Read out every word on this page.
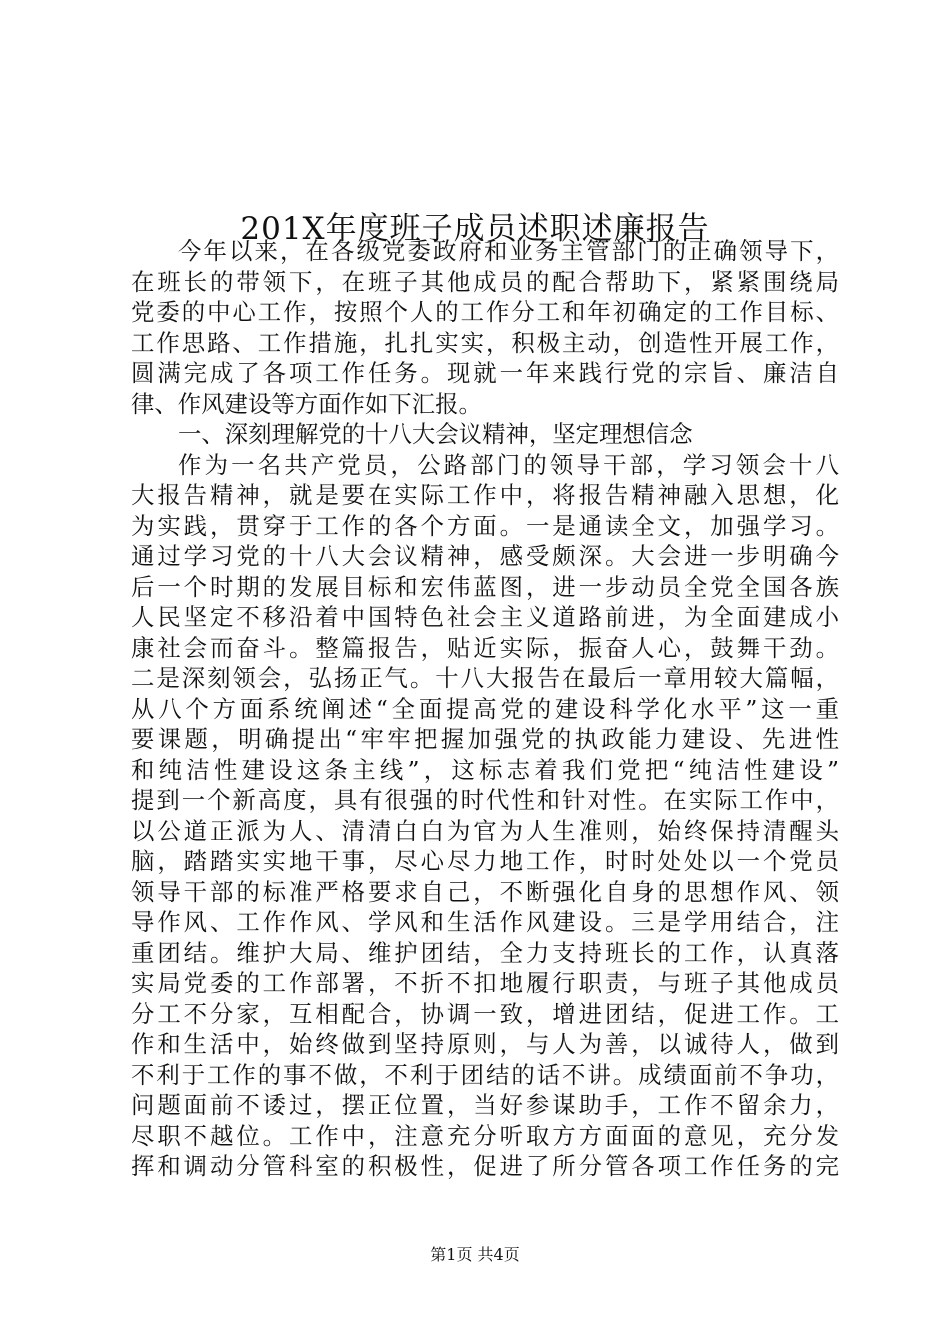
201X年度班子成员述职述廉报告
今年以来，在各级党委政府和业务主管部门的正确领导下，
在班长的带领下，在班子其他成员的配合帮助下，紧紧围绕局
党委的中心工作，按照个人的工作分工和年初确定的工作目标、
工作思路、工作措施，扎扎实实，积极主动，创造性开展工作，
圆满完成了各项工作任务。现就一年来践行党的宗旨、廉洁自
律、作风建设等方面作如下汇报。
一、深刻理解党的十八大会议精神，坚定理想信念
作为一名共产党员，公路部门的领导干部，学习领会十八
大报告精神，就是要在实际工作中，将报告精神融入思想，化
为实践，贯穿于工作的各个方面。一是通读全文，加强学习。
通过学习党的十八大会议精神，感受颇深。大会进一步明确今
后一个时期的发展目标和宏伟蓝图，进一步动员全党全国各族
人民坚定不移沿着中国特色社会主义道路前进，为全面建成小
康社会而奋斗。整篇报告，贴近实际，振奋人心，鼓舞干劲。
二是深刻领会，弘扬正气。十八大报告在最后一章用较大篇幅，
从八个方面系统阐述“全面提高党的建设科学化水平”这一重
要课题，明确提出“牢牢把握加强党的执政能力建设、先进性
和纯洁性建设这条主线”，这标志着我们党把“纯洁性建设”
提到一个新高度，具有很强的时代性和针对性。在实际工作中，
以公道正派为人、清清白白为官为人生准则，始终保持清醒头
脑，踏踏实实地干事，尽心尽力地工作，时时处处以一个党员
领导干部的标准严格要求自己，不断强化自身的思想作风、领
导作风、工作作风、学风和生活作风建设。三是学用结合，注
重团结。维护大局、维护团结，全力支持班长的工作，认真落
实局党委的工作部署，不折不扣地履行职责，与班子其他成员
分工不分家，互相配合，协调一致，增进团结，促进工作。工
作和生活中，始终做到坚持原则，与人为善，以诚待人，做到
不利于工作的事不做，不利于团结的话不讲。成绩面前不争功，
问题面前不诿过，摆正位置，当好参谋助手，工作不留余力，
尽职不越位。工作中，注意充分听取方方面面的意见，充分发
挥和调动分管科室的积极性，促进了所分管各项工作任务的完
第1页 共4页
